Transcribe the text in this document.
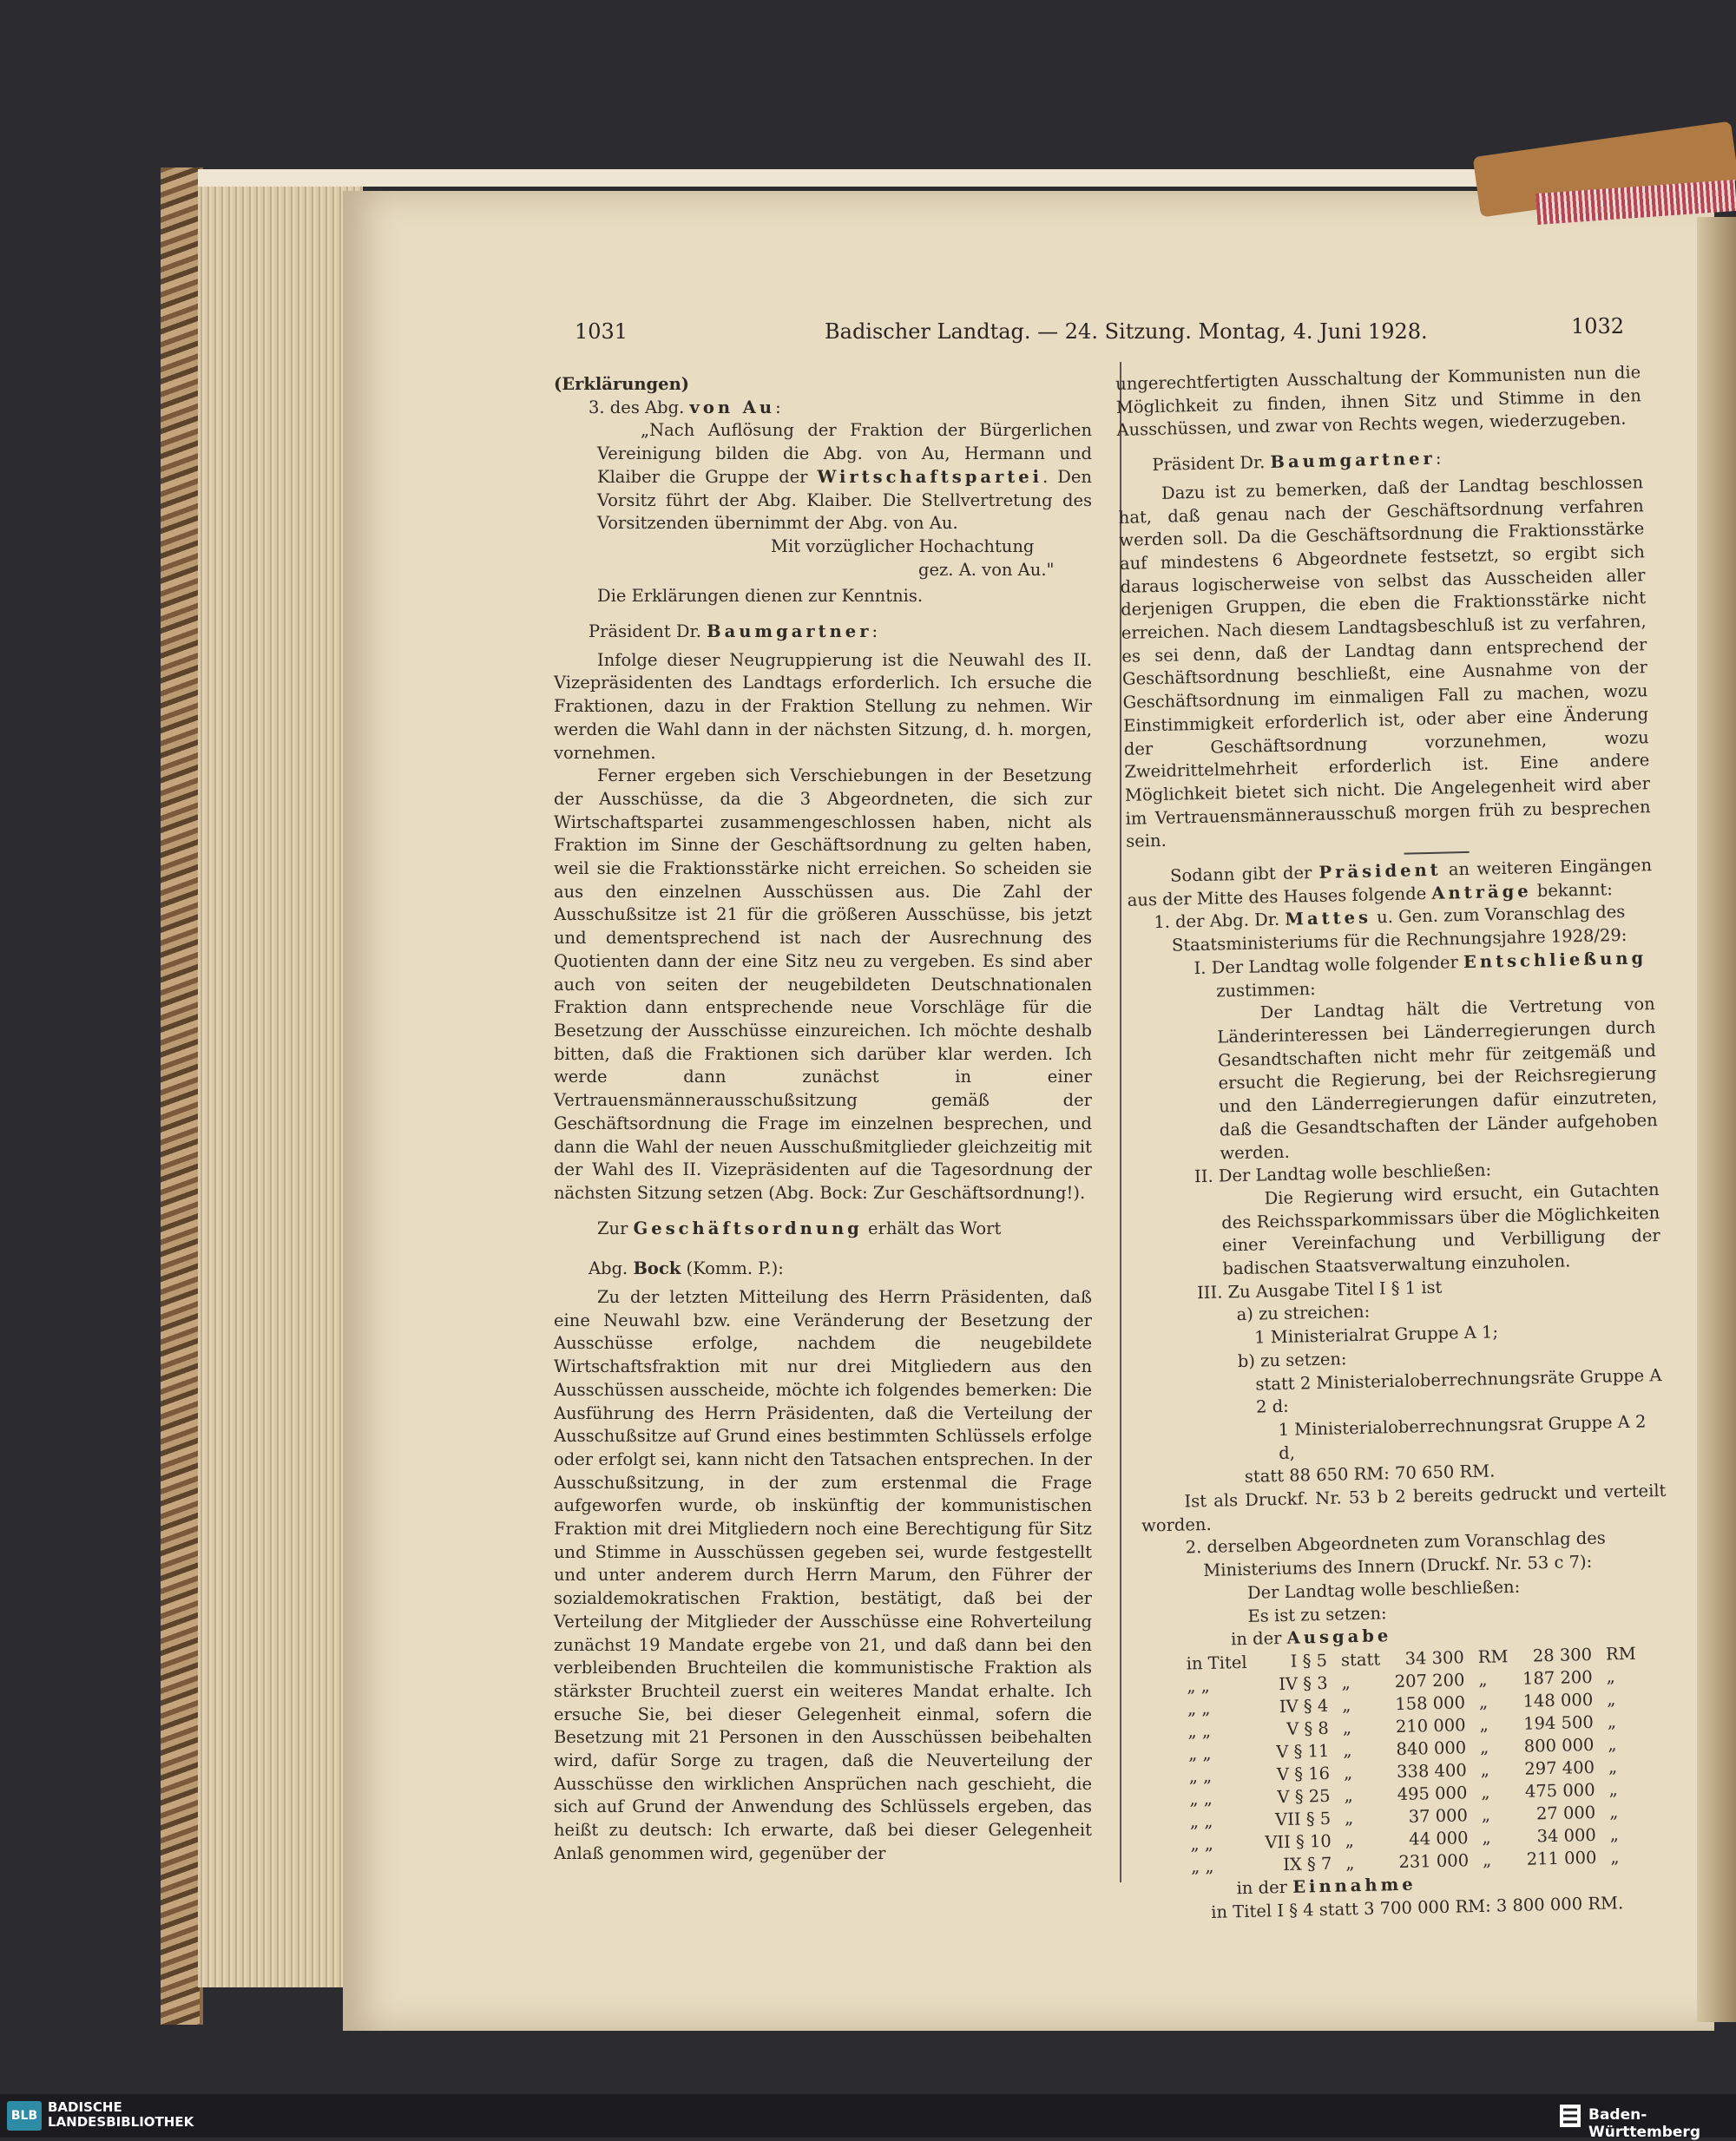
1031	Badischer Landtag. — 24. Sitzung. Montag, 4. Juni 1928.	1032

(Erklärungen)

3. des Abg. von Au:

„Nach Auflösung der Fraktion der Bürgerlichen Vereinigung bilden die Abg. von Au, Hermann und Klaiber die Gruppe der Wirtschaftspartei. Den Vorsitz führt der Abg. Klaiber. Die Stellvertretung des Vorsitzenden übernimmt der Abg. von Au.

Mit vorzüglicher Hochachtung

gez. A. von Au."

Die Erklärungen dienen zur Kenntnis.

Präsident Dr. Baumgartner:

Infolge dieser Neugruppierung ist die Neuwahl des II. Vizepräsidenten des Landtags erforderlich. Ich ersuche die Fraktionen, dazu in der Fraktion Stellung zu nehmen. Wir werden die Wahl dann in der nächsten Sitzung, d. h. morgen, vornehmen.

Ferner ergeben sich Verschiebungen in der Besetzung der Ausschüsse, da die 3 Abgeordneten, die sich zur Wirtschaftspartei zusammengeschlossen haben, nicht als Fraktion im Sinne der Geschäftsordnung zu gelten haben, weil sie die Fraktionsstärke nicht erreichen. So scheiden sie aus den einzelnen Ausschüssen aus. Die Zahl der Ausschußsitze ist 21 für die größeren Ausschüsse, bis jetzt und dementsprechend ist nach der Ausrechnung des Quotienten dann der eine Sitz neu zu vergeben. Es sind aber auch von seiten der neugebildeten Deutschnationalen Fraktion dann entsprechende neue Vorschläge für die Besetzung der Ausschüsse einzureichen. Ich möchte deshalb bitten, daß die Fraktionen sich darüber klar werden. Ich werde dann zunächst in einer Vertrauensmännerausschußsitzung gemäß der Geschäftsordnung die Frage im einzelnen besprechen, und dann die Wahl der neuen Ausschußmitglieder gleichzeitig mit der Wahl des II. Vizepräsidenten auf die Tagesordnung der nächsten Sitzung setzen (Abg. Bock: Zur Geschäftsordnung!).

Zur Geschäftsordnung erhält das Wort

Abg. Bock (Komm. P.):

Zu der letzten Mitteilung des Herrn Präsidenten, daß eine Neuwahl bzw. eine Veränderung der Besetzung der Ausschüsse erfolge, nachdem die neugebildete Wirtschaftsfraktion mit nur drei Mitgliedern aus den Ausschüssen ausscheide, möchte ich folgendes bemerken: Die Ausführung des Herrn Präsidenten, daß die Verteilung der Ausschußsitze auf Grund eines bestimmten Schlüssels erfolge oder erfolgt sei, kann nicht den Tatsachen entsprechen. In der Ausschußsitzung, in der zum erstenmal die Frage aufgeworfen wurde, ob inskünftig der kommunistischen Fraktion mit drei Mitgliedern noch eine Berechtigung für Sitz und Stimme in Ausschüssen gegeben sei, wurde festgestellt und unter anderem durch Herrn Marum, den Führer der sozialdemokratischen Fraktion, bestätigt, daß bei der Verteilung der Mitglieder der Ausschüsse eine Rohverteilung zunächst 19 Mandate ergebe von 21, und daß dann bei den verbleibenden Bruchteilen die kommunistische Fraktion als stärkster Bruchteil zuerst ein weiteres Mandat erhalte. Ich ersuche Sie, bei dieser Gelegenheit einmal, sofern die Besetzung mit 21 Personen in den Ausschüssen beibehalten wird, dafür Sorge zu tragen, daß die Neuverteilung der Ausschüsse den wirklichen Ansprüchen nach geschieht, die sich auf Grund der Anwendung des Schlüssels ergeben, das heißt zu deutsch: Ich erwarte, daß bei dieser Gelegenheit Anlaß genommen wird, gegenüber der

ungerechtfertigten Ausschaltung der Kommunisten nun die Möglichkeit zu finden, ihnen Sitz und Stimme in den Ausschüssen, und zwar von Rechts wegen, wiederzugeben.

Präsident Dr. Baumgartner:

Dazu ist zu bemerken, daß der Landtag beschlossen hat, daß genau nach der Geschäftsordnung verfahren werden soll. Da die Geschäftsordnung die Fraktionsstärke auf mindestens 6 Abgeordnete festsetzt, so ergibt sich daraus logischerweise von selbst das Ausscheiden aller derjenigen Gruppen, die eben die Fraktionsstärke nicht erreichen. Nach diesem Landtagsbeschluß ist zu verfahren, es sei denn, daß der Landtag dann entsprechend der Geschäftsordnung beschließt, eine Ausnahme von der Geschäftsordnung im einmaligen Fall zu machen, wozu Einstimmigkeit erforderlich ist, oder aber eine Änderung der Geschäftsordnung vorzunehmen, wozu Zweidrittelmehrheit erforderlich ist. Eine andere Möglichkeit bietet sich nicht. Die Angelegenheit wird aber im Vertrauensmännerausschuß morgen früh zu besprechen sein.

Sodann gibt der Präsident an weiteren Eingängen aus der Mitte des Hauses folgende Anträge bekannt:

1. der Abg. Dr. Mattes u. Gen. zum Voranschlag des Staatsministeriums für die Rechnungsjahre 1928/29:

I. Der Landtag wolle folgender Entschließung zustimmen:

Der Landtag hält die Vertretung von Länderinteressen bei Länderregierungen durch Gesandtschaften nicht mehr für zeitgemäß und ersucht die Regierung, bei der Reichsregierung und den Länderregierungen dafür einzutreten, daß die Gesandtschaften der Länder aufgehoben werden.

II. Der Landtag wolle beschließen:

Die Regierung wird ersucht, ein Gutachten des Reichssparkommissars über die Möglichkeiten einer Vereinfachung und Verbilligung der badischen Staatsverwaltung einzuholen.

III. Zu Ausgabe Titel I § 1 ist

a) zu streichen:

1 Ministerialrat Gruppe A 1;

b) zu setzen:

statt 2 Ministerialoberrechnungsräte Gruppe A 2 d:

1 Ministerialoberrechnungsrat Gruppe A 2 d,

statt 88 650 RM: 70 650 RM.

Ist als Druckf. Nr. 53 b 2 bereits gedruckt und verteilt worden.

2. derselben Abgeordneten zum Voranschlag des Ministeriums des Innern (Druckf. Nr. 53 c 7):

Der Landtag wolle beschließen:

Es ist zu setzen:

in der Ausgabe

in Titel	I § 5	statt	34 300	RM	28 300	RM
„ „	IV § 3	„	207 200	„	187 200	„
„ „	IV § 4	„	158 000	„	148 000	„
„ „	V § 8	„	210 000	„	194 500	„
„ „	V § 11	„	840 000	„	800 000	„
„ „	V § 16	„	338 400	„	297 400	„
„ „	V § 25	„	495 000	„	475 000	„
„ „	VII § 5	„	37 000	„	27 000	„
„ „	VII § 10	„	44 000	„	34 000	„
„ „	IX § 7	„	231 000	„	211 000	„

in der Einnahme

in Titel I § 4 statt 3 700 000 RM: 3 800 000 RM.

BLB
BADISCHE
LANDESBIBLIOTHEK	Baden-Württemberg
